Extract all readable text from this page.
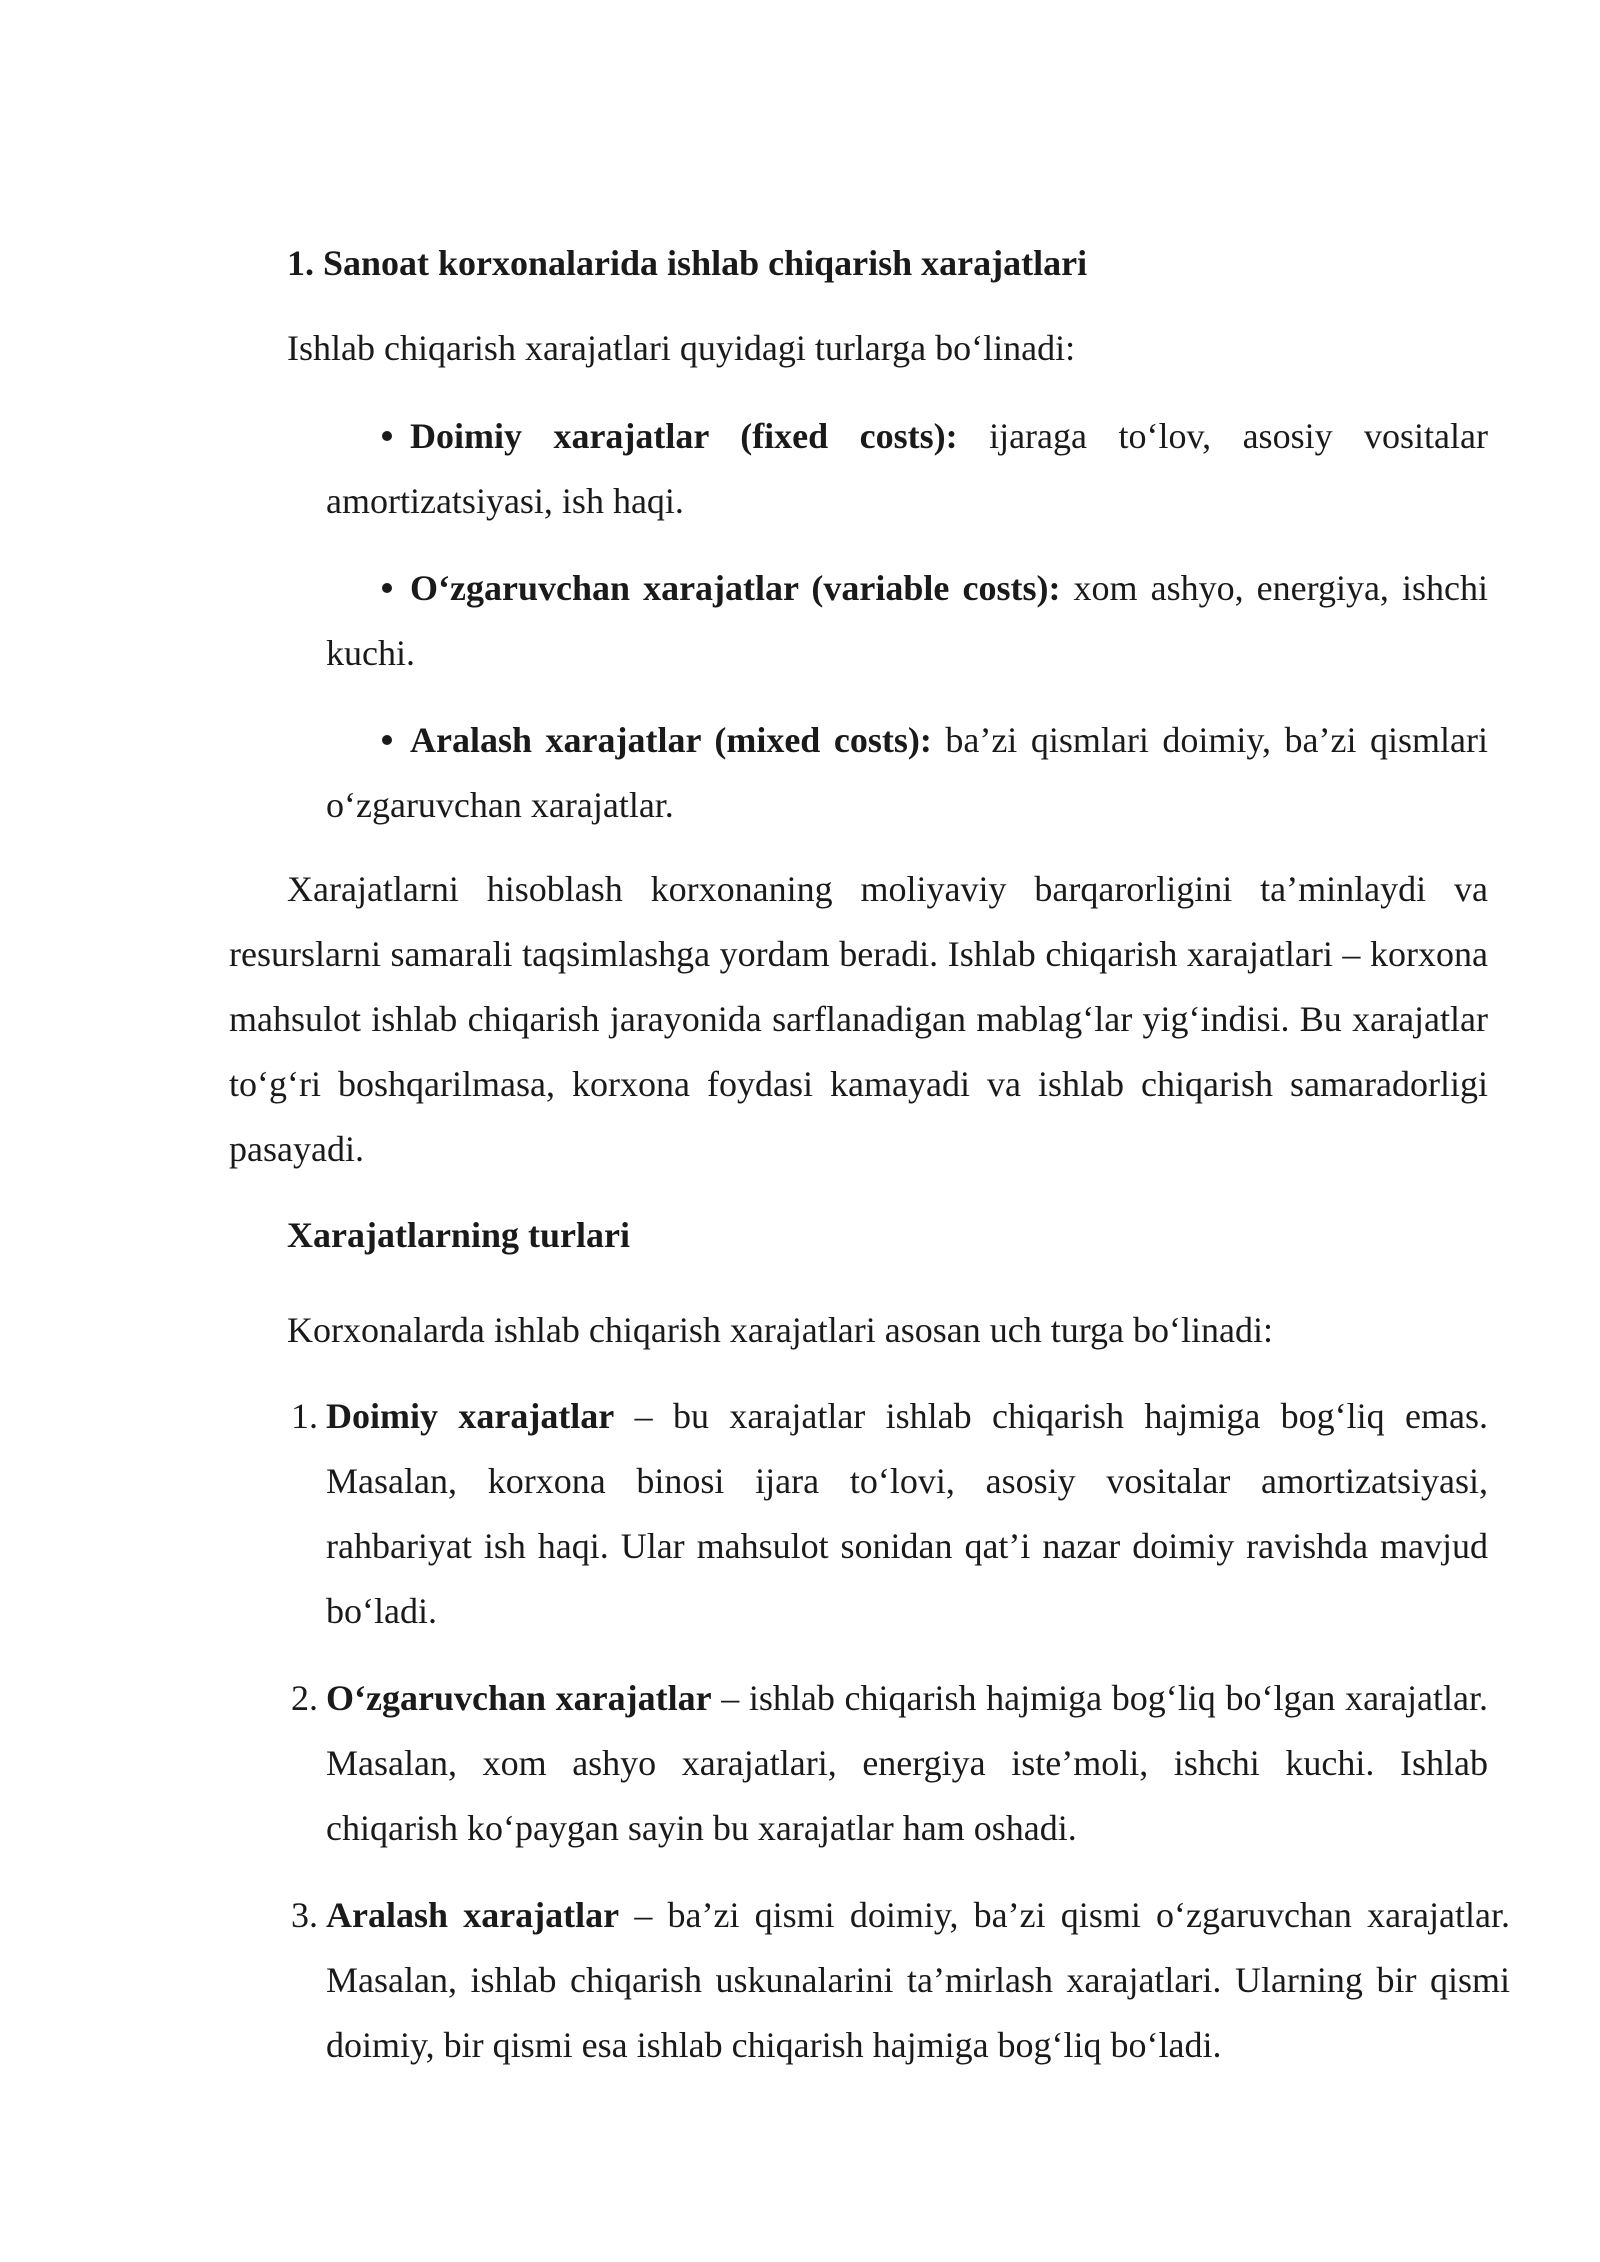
1. Sanoat korxonalarida ishlab chiqarish xarajatlari

Ishlab chiqarish xarajatlari quyidagi turlarga bo‘linadi:

Doimiy xarajatlar (fixed costs): ijaraga to‘lov, asosiy vositalar amortizatsiyasi, ish haqi.

O‘zgaruvchan xarajatlar (variable costs): xom ashyo, energiya, ishchi kuchi.

Aralash xarajatlar (mixed costs): ba’zi qismlari doimiy, ba’zi qismlari o‘zgaruvchan xarajatlar.

Xarajatlarni hisoblash korxonaning moliyaviy barqarorligini ta’minlaydi va resurslarni samarali taqsimlashga yordam beradi. Ishlab chiqarish xarajatlari – korxona mahsulot ishlab chiqarish jarayonida sarflanadigan mablag‘lar yig‘indisi. Bu xarajatlar to‘g‘ri boshqarilmasa, korxona foydasi kamayadi va ishlab chiqarish samaradorligi pasayadi.

Xarajatlarning turlari

Korxonalarda ishlab chiqarish xarajatlari asosan uch turga bo‘linadi:

1. Doimiy xarajatlar – bu xarajatlar ishlab chiqarish hajmiga bog‘liq emas. Masalan, korxona binosi ijara to‘lovi, asosiy vositalar amortizatsiyasi, rahbariyat ish haqi. Ular mahsulot sonidan qat’i nazar doimiy ravishda mavjud bo‘ladi.

2. O‘zgaruvchan xarajatlar – ishlab chiqarish hajmiga bog‘liq bo‘lgan xarajatlar. Masalan, xom ashyo xarajatlari, energiya iste’moli, ishchi kuchi. Ishlab chiqarish ko‘paygan sayin bu xarajatlar ham oshadi.

3. Aralash xarajatlar – ba’zi qismi doimiy, ba’zi qismi o‘zgaruvchan xarajatlar. Masalan, ishlab chiqarish uskunalarini ta’mirlash xarajatlari. Ularning bir qismi doimiy, bir qismi esa ishlab chiqarish hajmiga bog‘liq bo‘ladi.
